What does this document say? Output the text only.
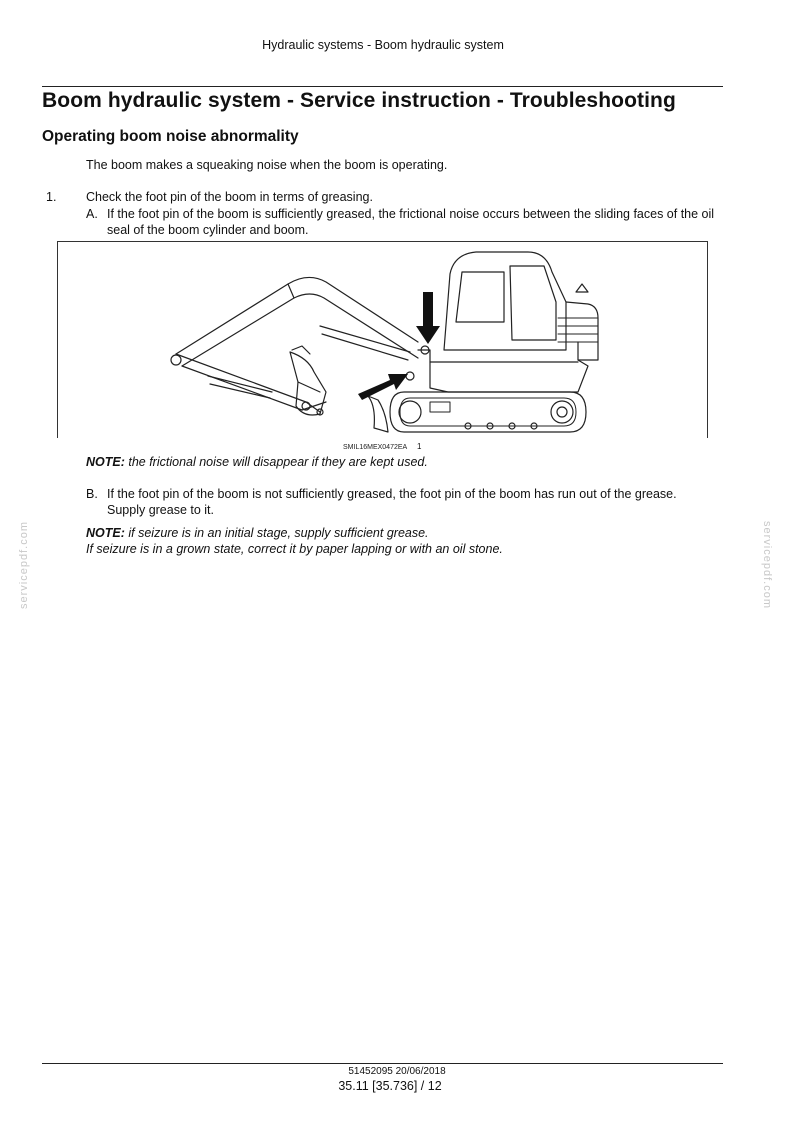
Hydraulic systems - Boom hydraulic system
Boom hydraulic system - Service instruction - Troubleshooting
Operating boom noise abnormality

The boom makes a squeaking noise when the boom is operating.

1. Check the foot pin of the boom in terms of greasing.

A. If the foot pin of the boom is sufficiently greased, the frictional noise occurs between the sliding faces of the oil seal of the boom cylinder and boom.
SMIL16MEX0472EA 1

NOTE: the frictional noise will disappear if they are kept used.

B. If the foot pin of the boom is not sufficiently greased, the foot pin of the boom has run out of the grease. Supply grease to it.
NOTE: if seizure is in an initial stage, supply sufficient grease.
If seizure is in a grown state, correct it by paper lapping or with an oil stone.
servicepdf.com	servicepdf.com
51452095 20/06/2018
35.11 [35.736] / 12
